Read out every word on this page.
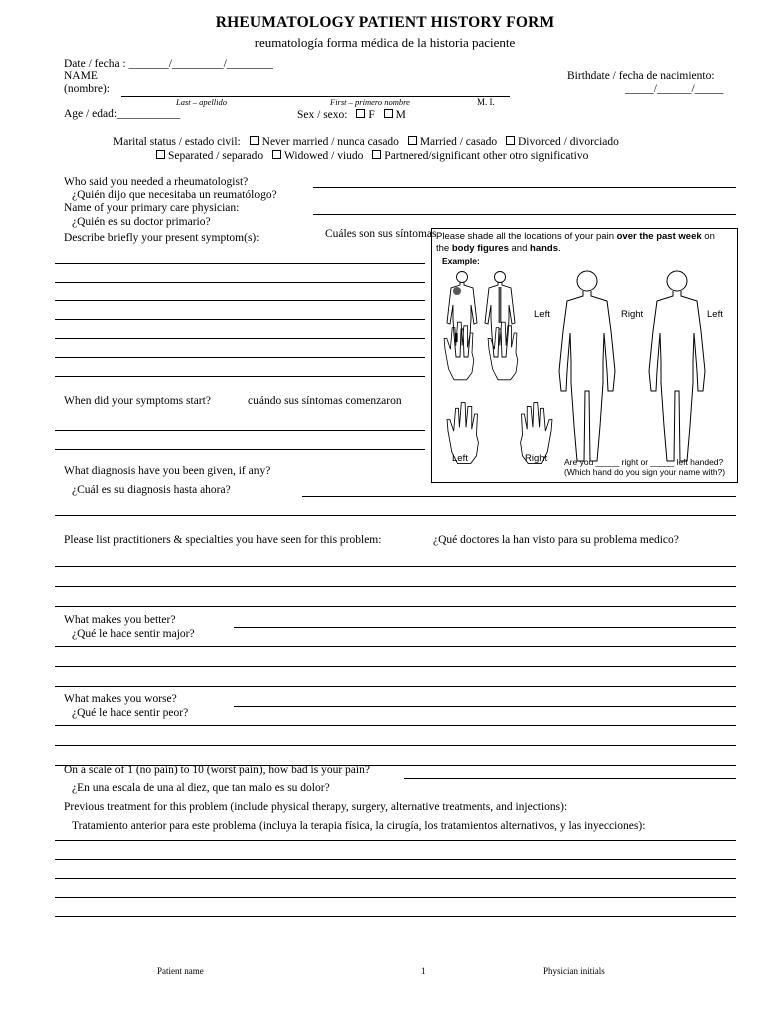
RHEUMATOLOGY PATIENT HISTORY FORM
reumatología forma médica de la historia paciente
Date / fecha : _______/_________/________
NAME
(nombre):
Birthdate / fecha de nacimiento:
_____/______/_____
Last – apellido	First – primero nombre	M. I.
Age / edad:___________	Sex / sexo: F M
Marital status / estado civil: Never married / nunca casado Married / casado Divorced / divorciado
Separated / separado Widowed / viudo Partnered/significant other otro significativo
Who said you needed a rheumatologist?
¿Quién dijo que necesitaba un reumatólogo?
Name of your primary care physician:
¿Quién es su doctor primario?
Describe briefly your present symptom(s):	Cuáles son sus síntomas
When did your symptoms start?	cuándo sus síntomas comenzaron
Please shade all the locations of your pain over the past week on
the body figures and hands.
Example:
Left	Right	Left
Left	Right Are you _____ right or _____ left handed?
(Which hand do you sign your name with?)
What diagnosis have you been given, if any?
¿Cuál es su diagnosis hasta ahora?
Please list practitioners & specialties you have seen for this problem:	¿Qué doctores la han visto para su problema medico?
What makes you better?
¿Qué le hace sentir major?
What makes you worse?
¿Qué le hace sentir peor?
On a scale of 1 (no pain) to 10 (worst pain), how bad is your pain?
¿En una escala de una al diez, que tan malo es su dolor?
Previous treatment for this problem (include physical therapy, surgery, alternative treatments, and injections):
Tratamiento anterior para este problema (incluya la terapia física, la cirugía, los tratamientos alternativos, y las inyecciones):
Patient name	1	Physician initials
